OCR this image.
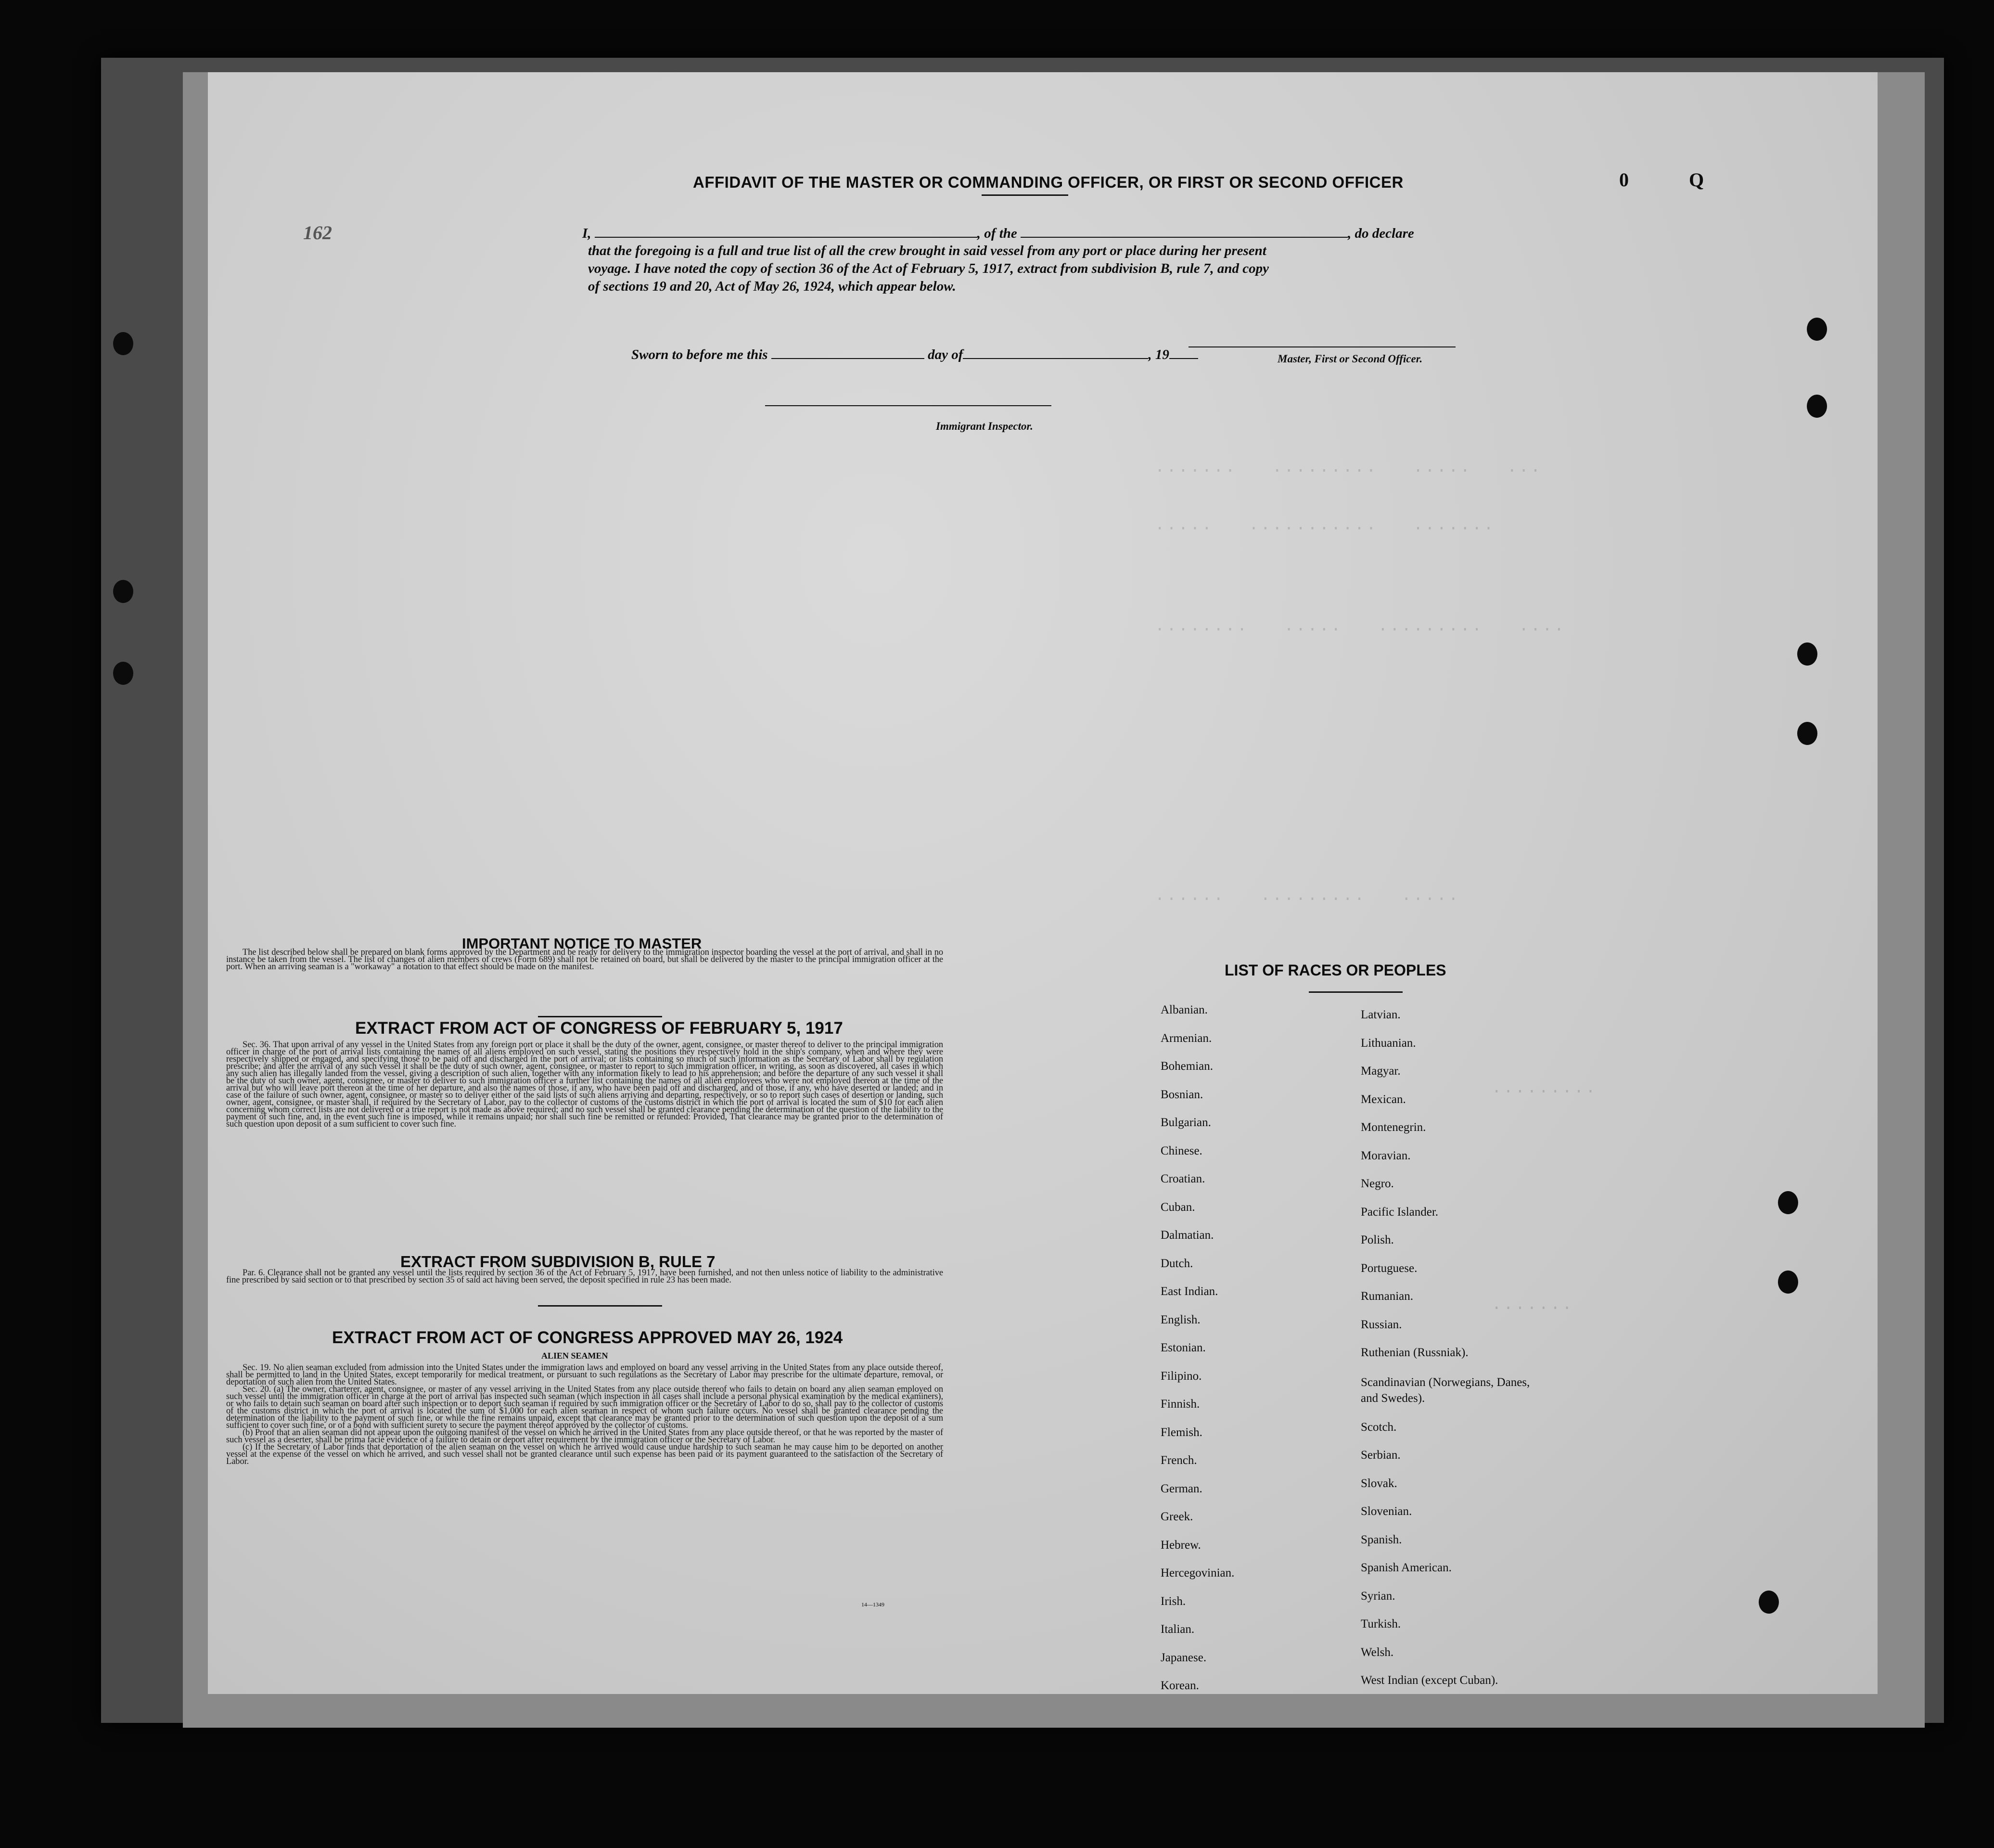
·······   ·········   ·····   ···
·····   ···········   ·······
········   ·····   ·········   ····
······   ·········   ·····
·········
·······
AFFIDAVIT OF THE MASTER OR COMMANDING OFFICER, OR FIRST OR SECOND OFFICER
162
0	Q
I,	, of the	, do declare
that the foregoing is a full and true list of all the crew brought in said vessel from any port or place during her present
voyage. I have noted the copy of section 36 of the Act of February 5, 1917, extract from subdivision B, rule 7, and copy
of sections 19 and 20, Act of May 26, 1924, which appear below.
Sworn to before me this	day of	, 19	Master, First or Second Officer.
Immigrant Inspector.
IMPORTANT NOTICE TO MASTER

The list described below shall be prepared on blank forms approved by the Department and be ready for delivery to the immigration inspector boarding the vessel at the port of arrival, and shall in no instance be taken from the vessel. The list of changes of alien members of crews (Form 689) shall not be retained on board, but shall be delivered by the master to the principal immigration officer at the port. When an arriving seaman is a "workaway" a notation to that effect should be made on the manifest.

EXTRACT FROM ACT OF CONGRESS OF FEBRUARY 5, 1917

Sec. 36. That upon arrival of any vessel in the United States from any foreign port or place it shall be the duty of the owner, agent, consignee, or master thereof to deliver to the principal immigration officer in charge of the port of arrival lists containing the names of all aliens employed on such vessel, stating the positions they respectively hold in the ship's company, when and where they were respectively shipped or engaged, and specifying those to be paid off and discharged in the port of arrival; or lists containing so much of such information as the Secretary of Labor shall by regulation prescribe; and after the arrival of any such vessel it shall be the duty of such owner, agent, consignee, or master to report to such immigration officer, in writing, as soon as discovered, all cases in which any such alien has illegally landed from the vessel, giving a description of such alien, together with any information likely to lead to his apprehension; and before the departure of any such vessel it shall be the duty of such owner, agent, consignee, or master to deliver to such immigration officer a further list containing the names of all alien employees who were not employed thereon at the time of the arrival but who will leave port thereon at the time of her departure, and also the names of those, if any, who have been paid off and discharged, and of those, if any, who have deserted or landed; and in case of the failure of such owner, agent, consignee, or master so to deliver either of the said lists of such aliens arriving and departing, respectively, or so to report such cases of desertion or landing, such owner, agent, consignee, or master shall, if required by the Secretary of Labor, pay to the collector of customs of the customs district in which the port of arrival is located the sum of $10 for each alien concerning whom correct lists are not delivered or a true report is not made as above required; and no such vessel shall be granted clearance pending the determination of the question of the liability to the payment of such fine, and, in the event such fine is imposed, while it remains unpaid; nor shall such fine be remitted or refunded: Provided, That clearance may be granted prior to the determination of such question upon deposit of a sum sufficient to cover such fine.

EXTRACT FROM SUBDIVISION B, RULE 7

Par. 6. Clearance shall not be granted any vessel until the lists required by section 36 of the Act of February 5, 1917, have been furnished, and not then unless notice of liability to the administrative fine prescribed by said section or to that prescribed by section 35 of said act having been served, the deposit specified in rule 23 has been made.

EXTRACT FROM ACT OF CONGRESS APPROVED MAY 26, 1924
ALIEN SEAMEN

Sec. 19. No alien seaman excluded from admission into the United States under the immigration laws and employed on board any vessel arriving in the United States from any place outside thereof, shall be permitted to land in the United States, except temporarily for medical treatment, or pursuant to such regulations as the Secretary of Labor may prescribe for the ultimate departure, removal, or deportation of such alien from the United States.

Sec. 20. (a) The owner, charterer, agent, consignee, or master of any vessel arriving in the United States from any place outside thereof who fails to detain on board any alien seaman employed on such vessel until the immigration officer in charge at the port of arrival has inspected such seaman (which inspection in all cases shall include a personal physical examination by the medical examiners), or who fails to detain such seaman on board after such inspection or to deport such seaman if required by such immigration officer or the Secretary of Labor to do so, shall pay to the collector of customs of the customs district in which the port of arrival is located the sum of $1,000 for each alien seaman in respect of whom such failure occurs. No vessel shall be granted clearance pending the determination of the liability to the payment of such fine, or while the fine remains unpaid, except that clearance may be granted prior to the determination of such question upon the deposit of a sum sufficient to cover such fine, or of a bond with sufficient surety to secure the payment thereof approved by the collector of customs.

(b) Proof that an alien seaman did not appear upon the outgoing manifest of the vessel on which he arrived in the United States from any place outside thereof, or that he was reported by the master of such vessel as a deserter, shall be prima facie evidence of a failure to detain or deport after requirement by the immigration officer or the Secretary of Labor.

(c) If the Secretary of Labor finds that deportation of the alien seaman on the vessel on which he arrived would cause undue hardship to such seaman he may cause him to be deported on another vessel at the expense of the vessel on which he arrived, and such vessel shall not be granted clearance until such expense has been paid or its payment guaranteed to the satisfaction of the Secretary of Labor.

14—1349
LIST OF RACES OR PEOPLES
Albanian.
Armenian.
Bohemian.
Bosnian.
Bulgarian.
Chinese.
Croatian.
Cuban.
Dalmatian.
Dutch.
East Indian.
English.
Estonian.
Filipino.
Finnish.
Flemish.
French.
German.
Greek.
Hebrew.
Hercegovinian.
Irish.
Italian.
Japanese.
Korean.
Latvian.
Lithuanian.
Magyar.
Mexican.
Montenegrin.
Moravian.
Negro.
Pacific Islander.
Polish.
Portuguese.
Rumanian.
Russian.
Ruthenian (Russniak).
Scandinavian (Norwegians, Danes, and Swedes).
Scotch.
Serbian.
Slovak.
Slovenian.
Spanish.
Spanish American.
Syrian.
Turkish.
Welsh.
West Indian (except Cuban).
